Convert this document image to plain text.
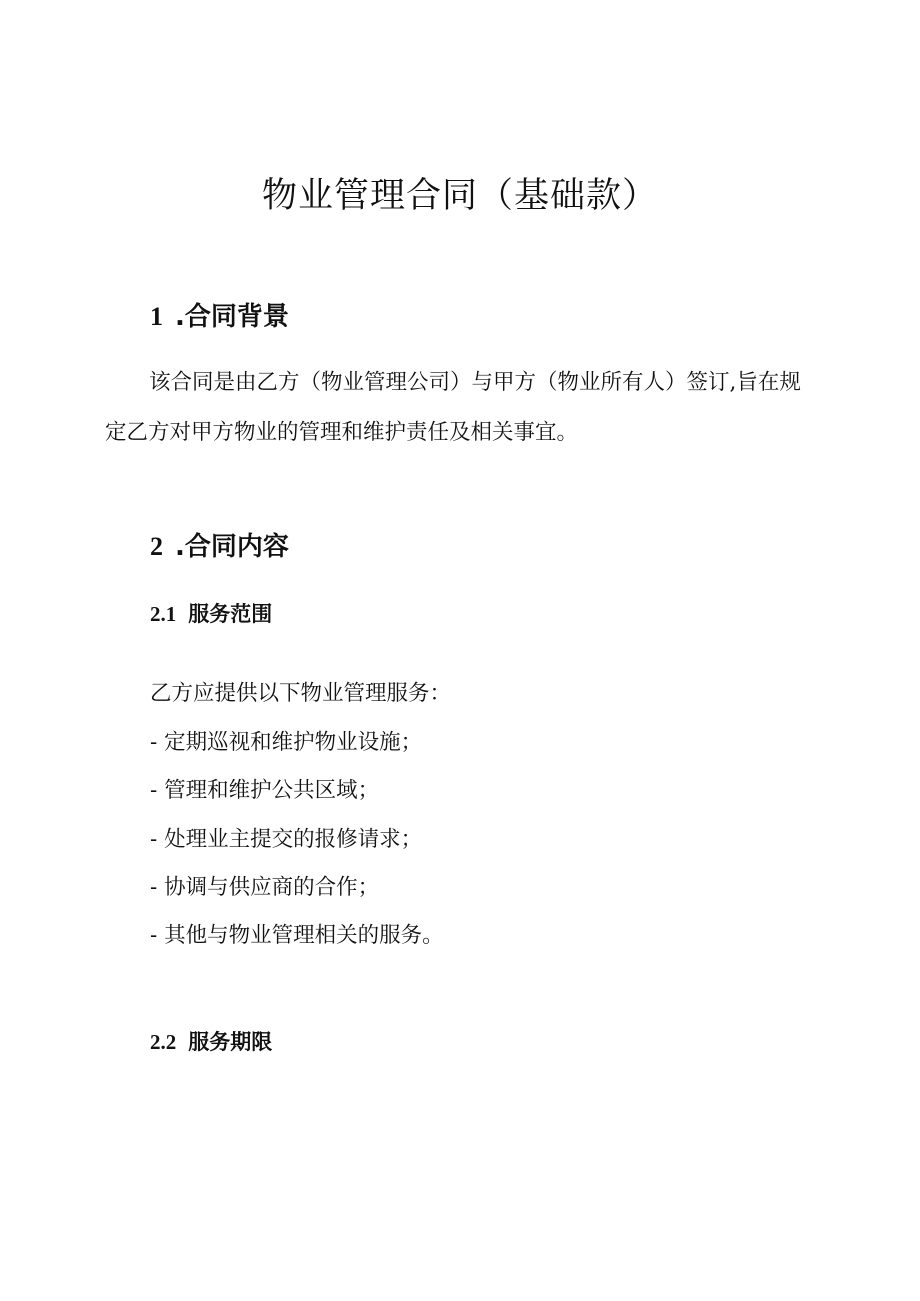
物业管理合同（基础款）
1 .合同背景

该合同是由乙方（物业管理公司）与甲方（物业所有人）签订,旨在规定乙方对甲方物业的管理和维护责任及相关事宜。

2 .合同内容
2.1 服务范围

乙方应提供以下物业管理服务：

- 定期巡视和维护物业设施；

- 管理和维护公共区域；

- 处理业主提交的报修请求；

- 协调与供应商的合作；

- 其他与物业管理相关的服务。

2.2 服务期限
